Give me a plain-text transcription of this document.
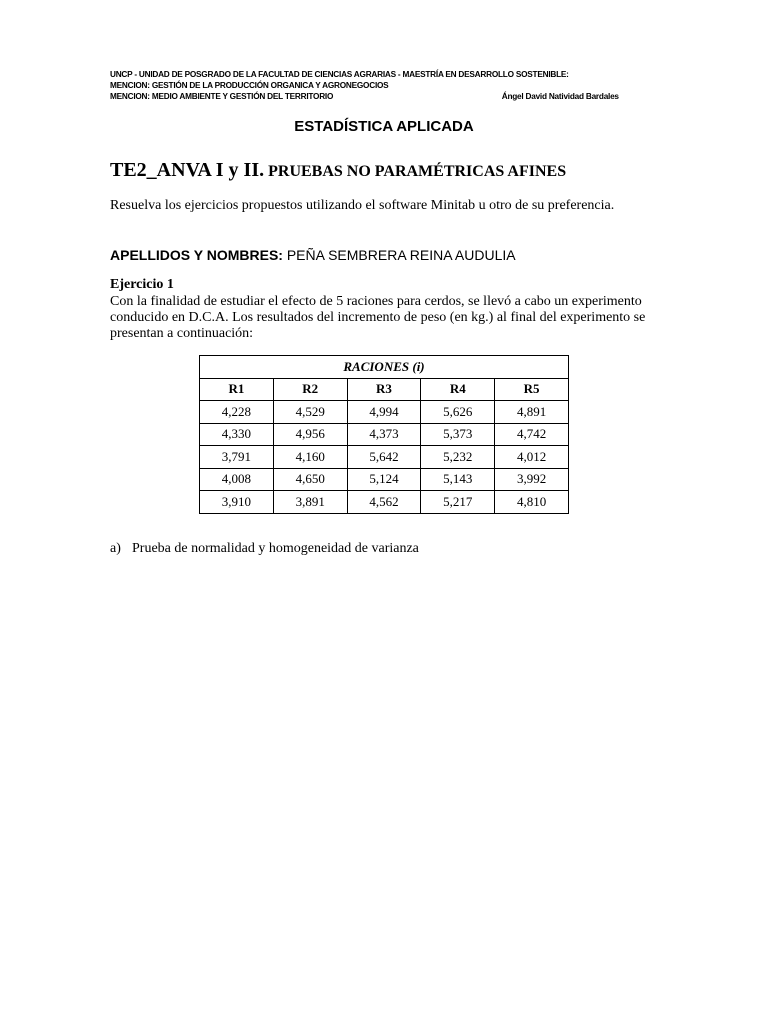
UNCP - UNIDAD DE POSGRADO DE LA FACULTAD DE CIENCIAS AGRARIAS - MAESTRÍA EN DESARROLLO SOSTENIBLE:
MENCION: GESTIÓN DE LA PRODUCCIÓN ORGANICA Y AGRONEGOCIOS
MENCION: MEDIO AMBIENTE Y GESTIÓN DEL TERRITORIO	Ángel David Natividad Bardales
ESTADÍSTICA APLICADA
TE2_ANVA I y II. PRUEBAS NO PARAMÉTRICAS AFINES
Resuelva los ejercicios propuestos utilizando el software Minitab u otro de su preferencia.
APELLIDOS Y NOMBRES: PEÑA SEMBRERA REINA AUDULIA
Ejercicio 1
Con la finalidad de estudiar el efecto de 5 raciones para cerdos, se llevó a cabo un experimento conducido en D.C.A. Los resultados del incremento de peso (en kg.) al final del experimento se presentan a continuación:
RACIONES (i)				
R1	R2	R3	R4	R5
4,228	4,529	4,994	5,626	4,891
4,330	4,956	4,373	5,373	4,742
3,791	4,160	5,642	5,232	4,012
4,008	4,650	5,124	5,143	3,992
3,910	3,891	4,562	5,217	4,810
a) Prueba de normalidad y homogeneidad de varianza
